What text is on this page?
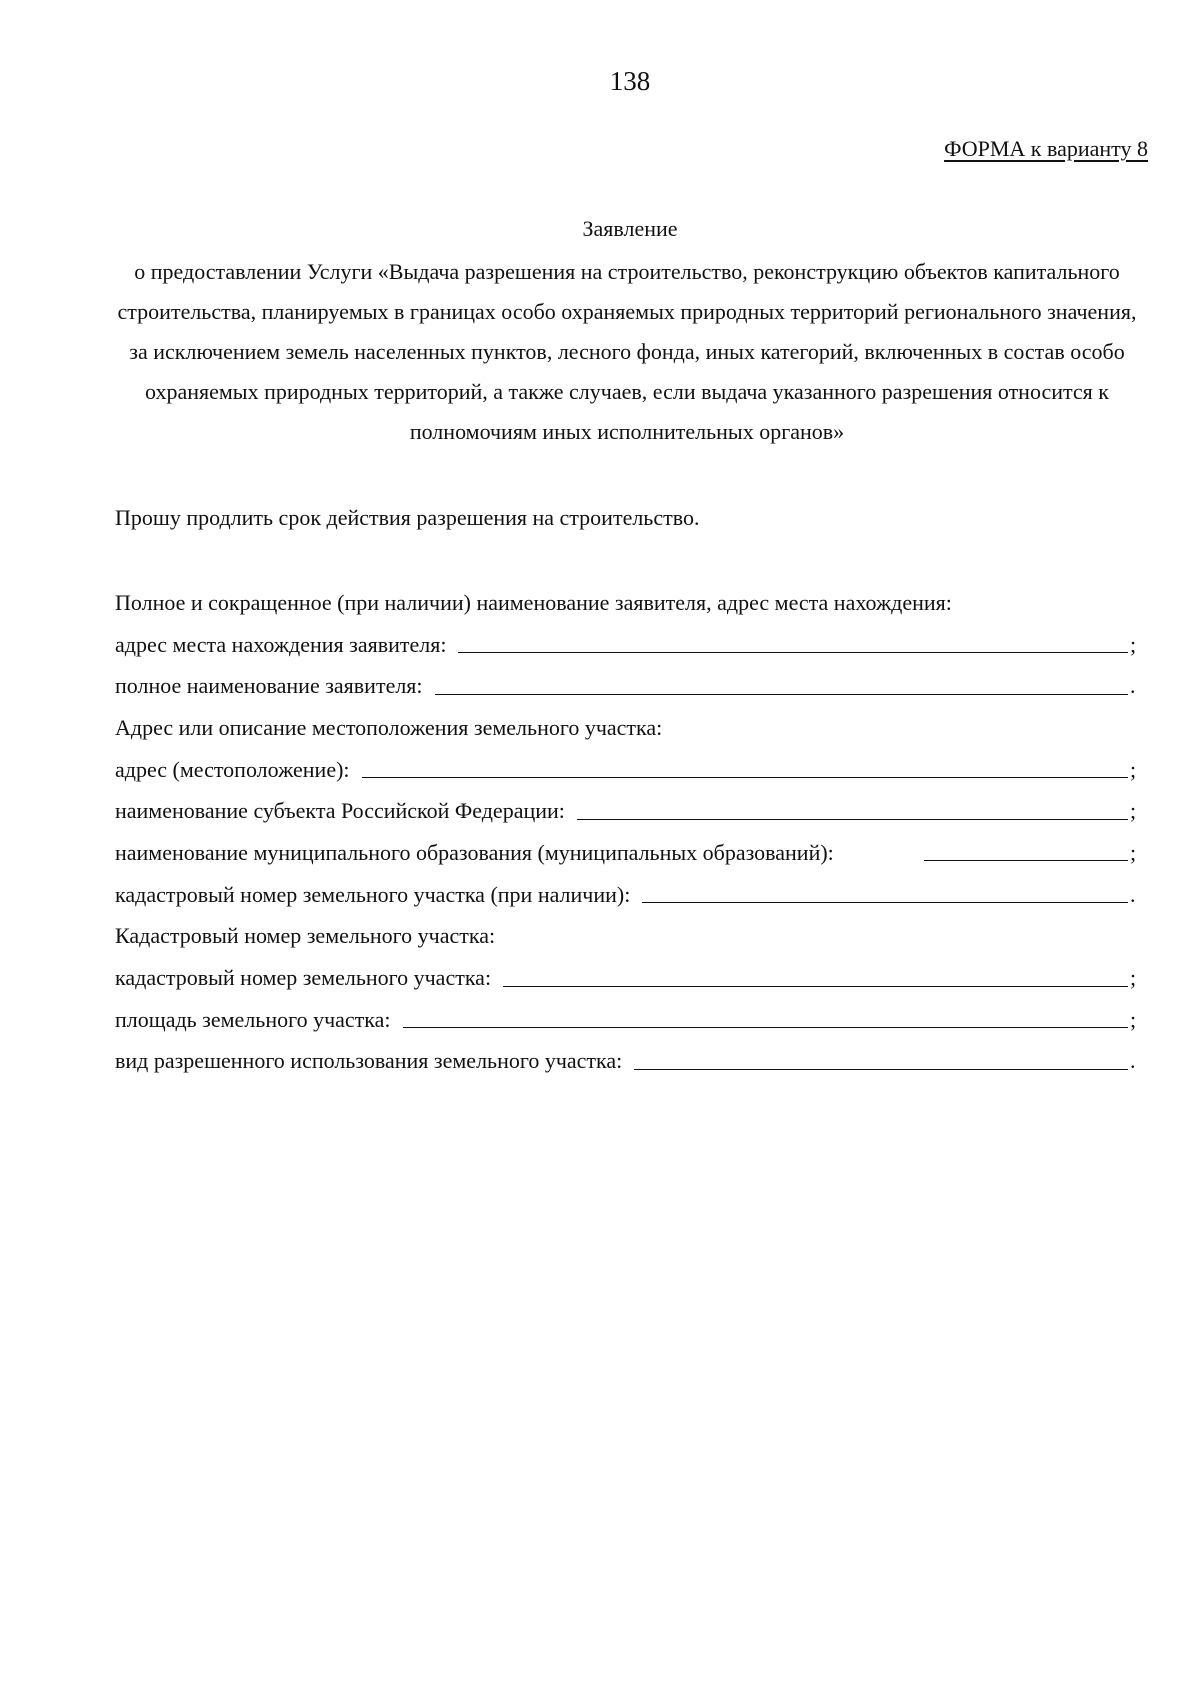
138
ФОРМА к варианту 8
Заявление
о предоставлении Услуги «Выдача разрешения на строительство, реконструкцию объектов капитального строительства, планируемых в границах особо охраняемых природных территорий регионального значения, за исключением земель населенных пунктов, лесного фонда, иных категорий, включенных в состав особо охраняемых природных территорий, а также случаев, если выдача указанного разрешения относится к полномочиям иных исполнительных органов»
Прошу продлить срок действия разрешения на строительство.
Полное и сокращенное (при наличии) наименование заявителя, адрес места нахождения:
адрес места нахождения заявителя:	;
полное наименование заявителя:	.
Адрес или описание местоположения земельного участка:
адрес (местоположение):	;
наименование субъекта Российской Федерации:	;
наименование муниципального образования (муниципальных образований):	;
кадастровый номер земельного участка (при наличии):	.
Кадастровый номер земельного участка:
кадастровый номер земельного участка:	;
площадь земельного участка:	;
вид разрешенного использования земельного участка:	.
